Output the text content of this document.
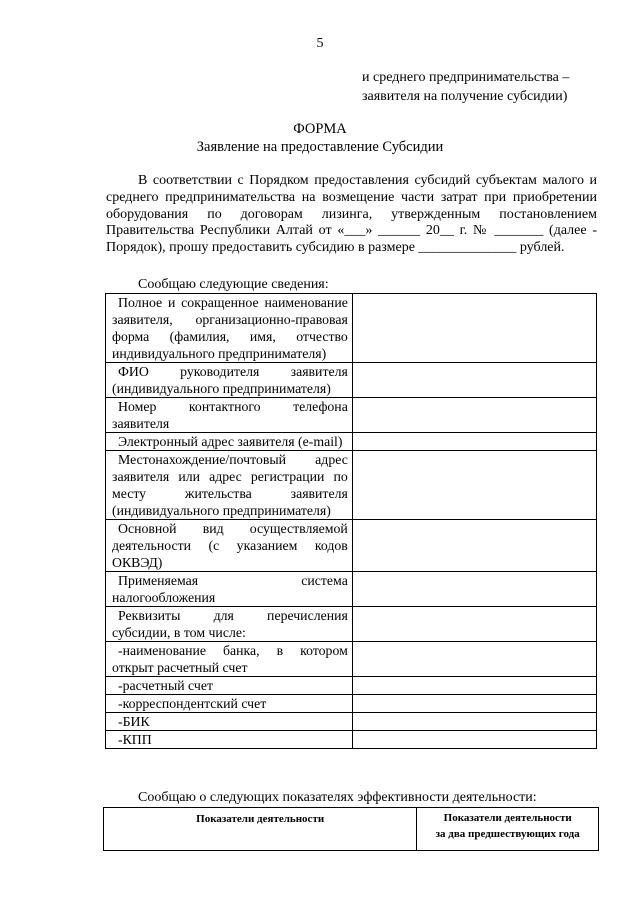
5
и среднего предпринимательства –
заявителя на получение субсидии)
ФОРМА
Заявление на предоставление Субсидии
В соответствии с Порядком предоставления субсидий субъектам малого и среднего предпринимательства на возмещение части затрат при приобретении оборудования по договорам лизинга, утвержденным постановлением Правительства Республики Алтай от «___» ______ 20__ г. № _______ (далее - Порядок), прошу предоставить субсидию в размере ______________ рублей.
Сообщаю следующие сведения:
Полное и сокращенное наименование заявителя, организационно-правовая форма (фамилия, имя, отчество индивидуального предпринимателя)	
ФИО руководителя заявителя (индивидуального предпринимателя)	
Номер контактного телефона заявителя	
Электронный адрес заявителя (e-mail)	
Местонахождение/почтовый адрес заявителя или адрес регистрации по месту жительства заявителя (индивидуального предпринимателя)	
Основной вид осуществляемой деятельности (с указанием кодов ОКВЭД)	
Применяемая система налогообложения	
Реквизиты для перечисления субсидии, в том числе:	
-наименование банка, в котором открыт расчетный счет	
-расчетный счет	
-корреспондентский счет	
-БИК	
-КПП	
Сообщаю о следующих показателях эффективности деятельности:
Показатели деятельности	Показатели деятельности
за два предшествующих года
